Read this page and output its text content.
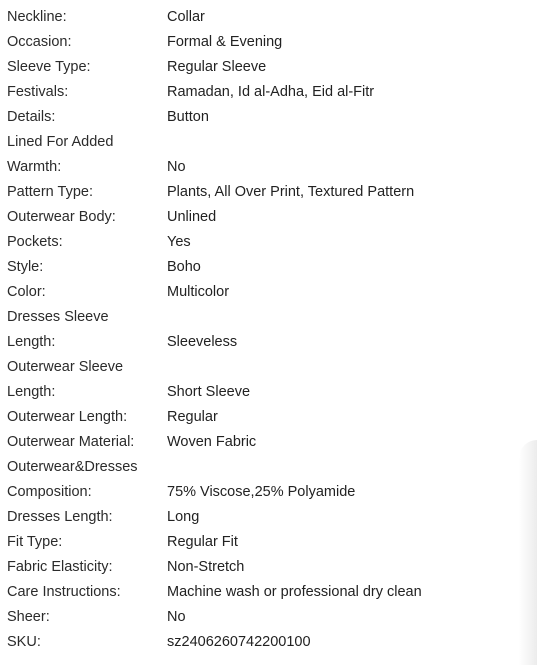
Neckline:	Collar
Occasion:	Formal & Evening
Sleeve Type:	Regular Sleeve
Festivals:	Ramadan, Id al-Adha, Eid al-Fitr
Details:	Button
Lined For Added
Warmth:	No
Pattern Type:	Plants, All Over Print, Textured Pattern
Outerwear Body:	Unlined
Pockets:	Yes
Style:	Boho
Color:	Multicolor
Dresses Sleeve
Length:	Sleeveless
Outerwear Sleeve
Length:	Short Sleeve
Outerwear Length:	Regular
Outerwear Material:	Woven Fabric
Outerwear&Dresses
Composition:	75% Viscose,25% Polyamide
Dresses Length:	Long
Fit Type:	Regular Fit
Fabric Elasticity:	Non-Stretch
Care Instructions:	Machine wash or professional dry clean
Sheer:	No
SKU:	sz2406260742200100
